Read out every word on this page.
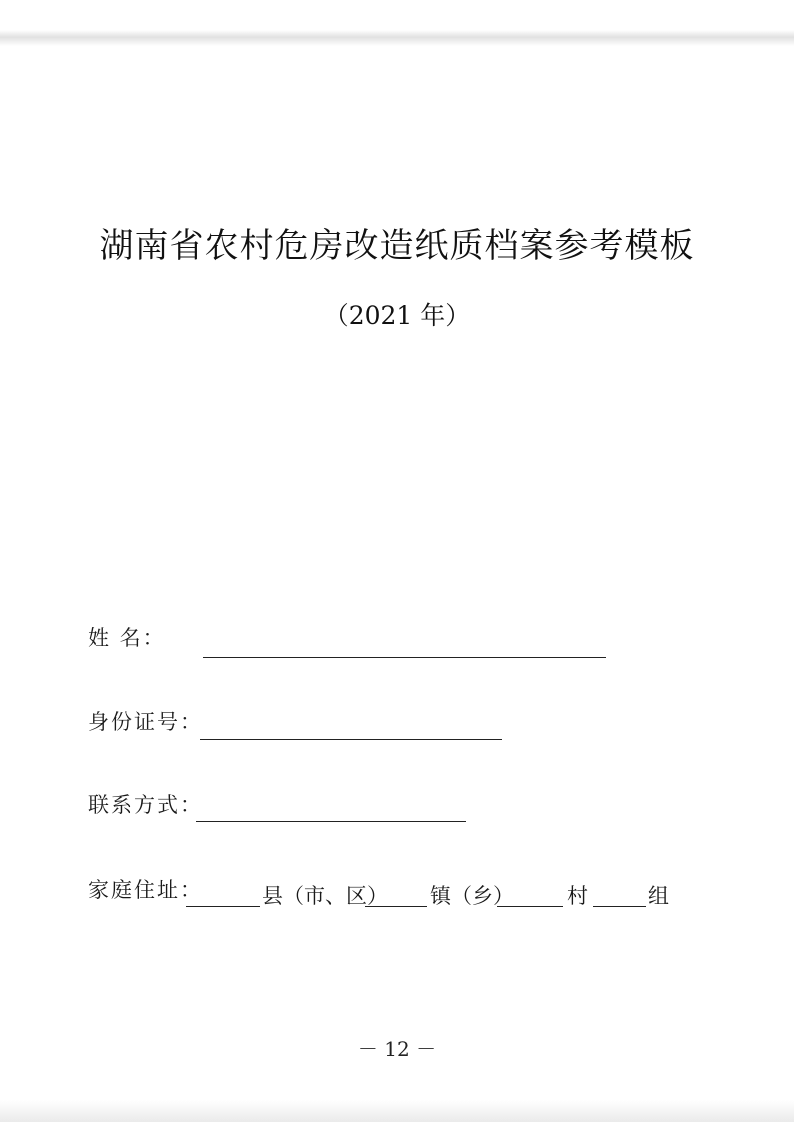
湖南省农村危房改造纸质档案参考模板
（2021 年）
姓 名：
身份证号：
联系方式：
家庭住址：	县（市、区） 镇（乡）	村	组
－ 12 －
